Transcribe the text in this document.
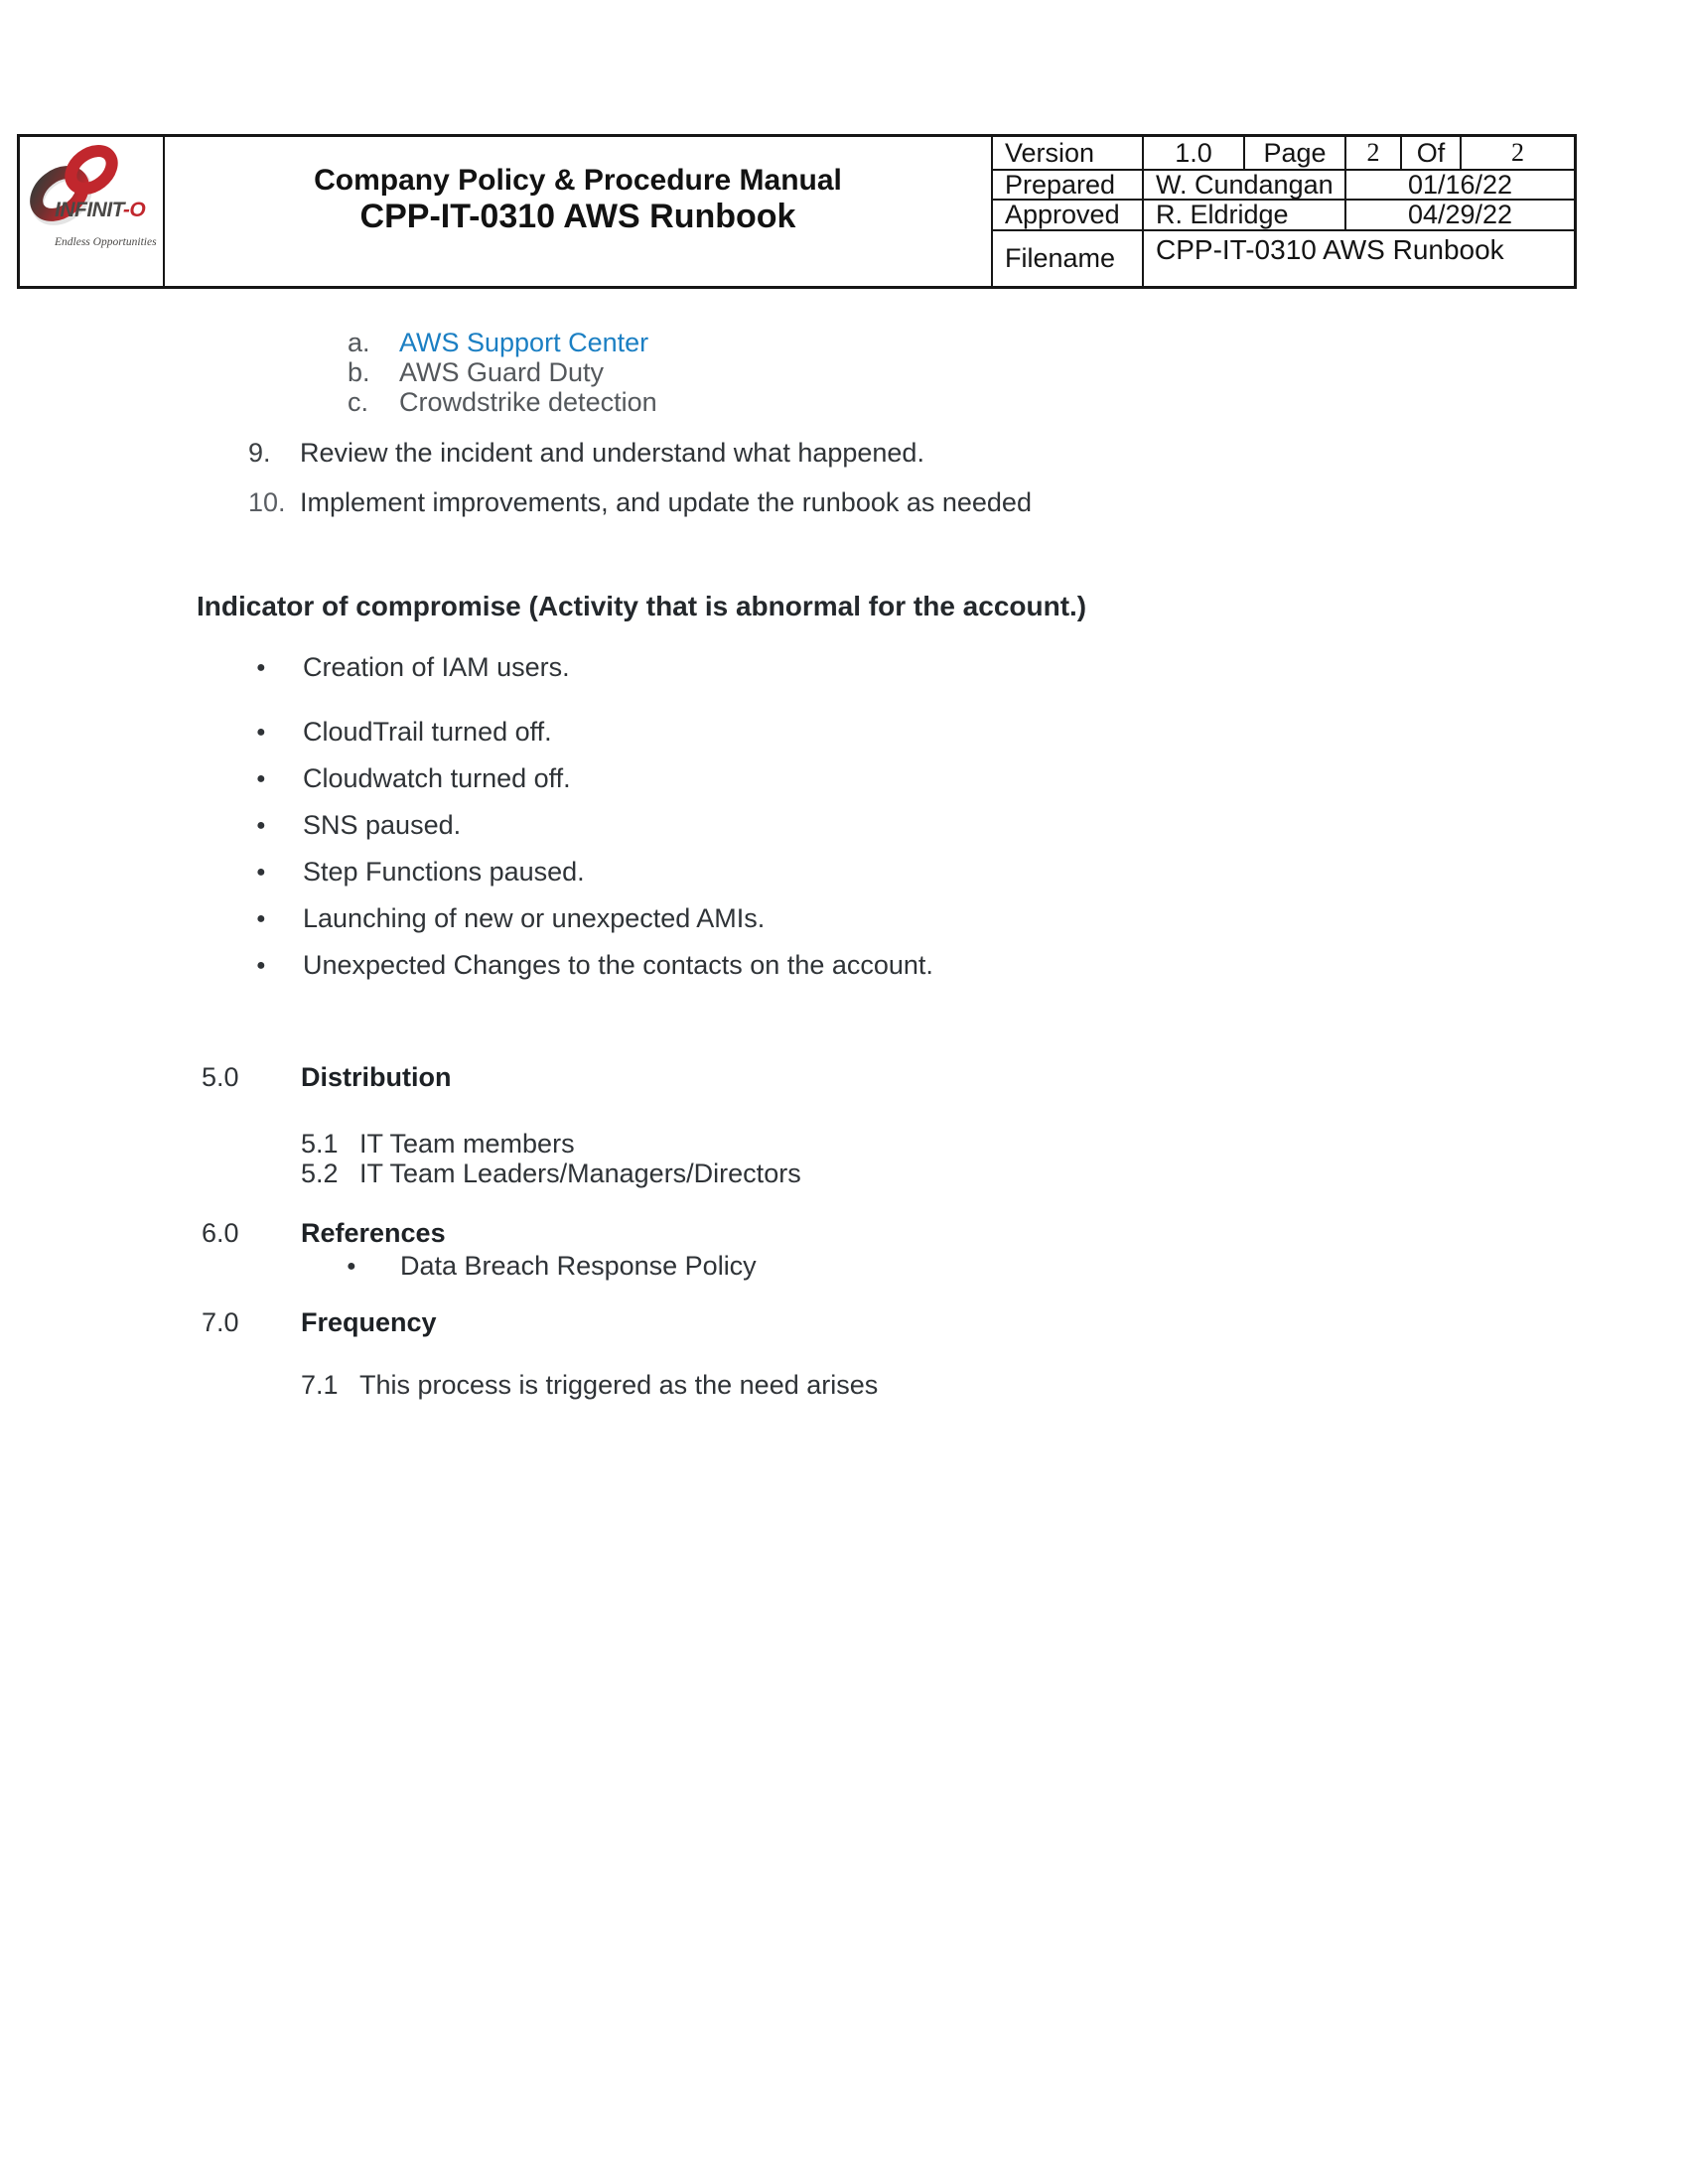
INFINIT-O
Endless Opportunities
Company Policy & Procedure Manual
CPP-IT-0310 AWS Runbook
Version	1.0	Page	2	Of	2
Prepared	W. Cundangan	01/16/22
Approved	R. Eldridge	04/29/22
Filename	CPP-IT-0310 AWS Runbook
a.	AWS Support Center
b.	AWS Guard Duty
c.	Crowdstrike detection
9.	Review the incident and understand what happened.
10. Implement improvements, and update the runbook as needed
Indicator of compromise (Activity that is abnormal for the account.)
●	Creation of IAM users.
●	CloudTrail turned off.
●	Cloudwatch turned off.
●	SNS paused.
●	Step Functions paused.
●	Launching of new or unexpected AMIs.
●	Unexpected Changes to the contacts on the account.
5.0	Distribution
5.1 IT Team members
5.2 IT Team Leaders/Managers/Directors
6.0	References
●	Data Breach Response Policy
7.0	Frequency
7.1 This process is triggered as the need arises
